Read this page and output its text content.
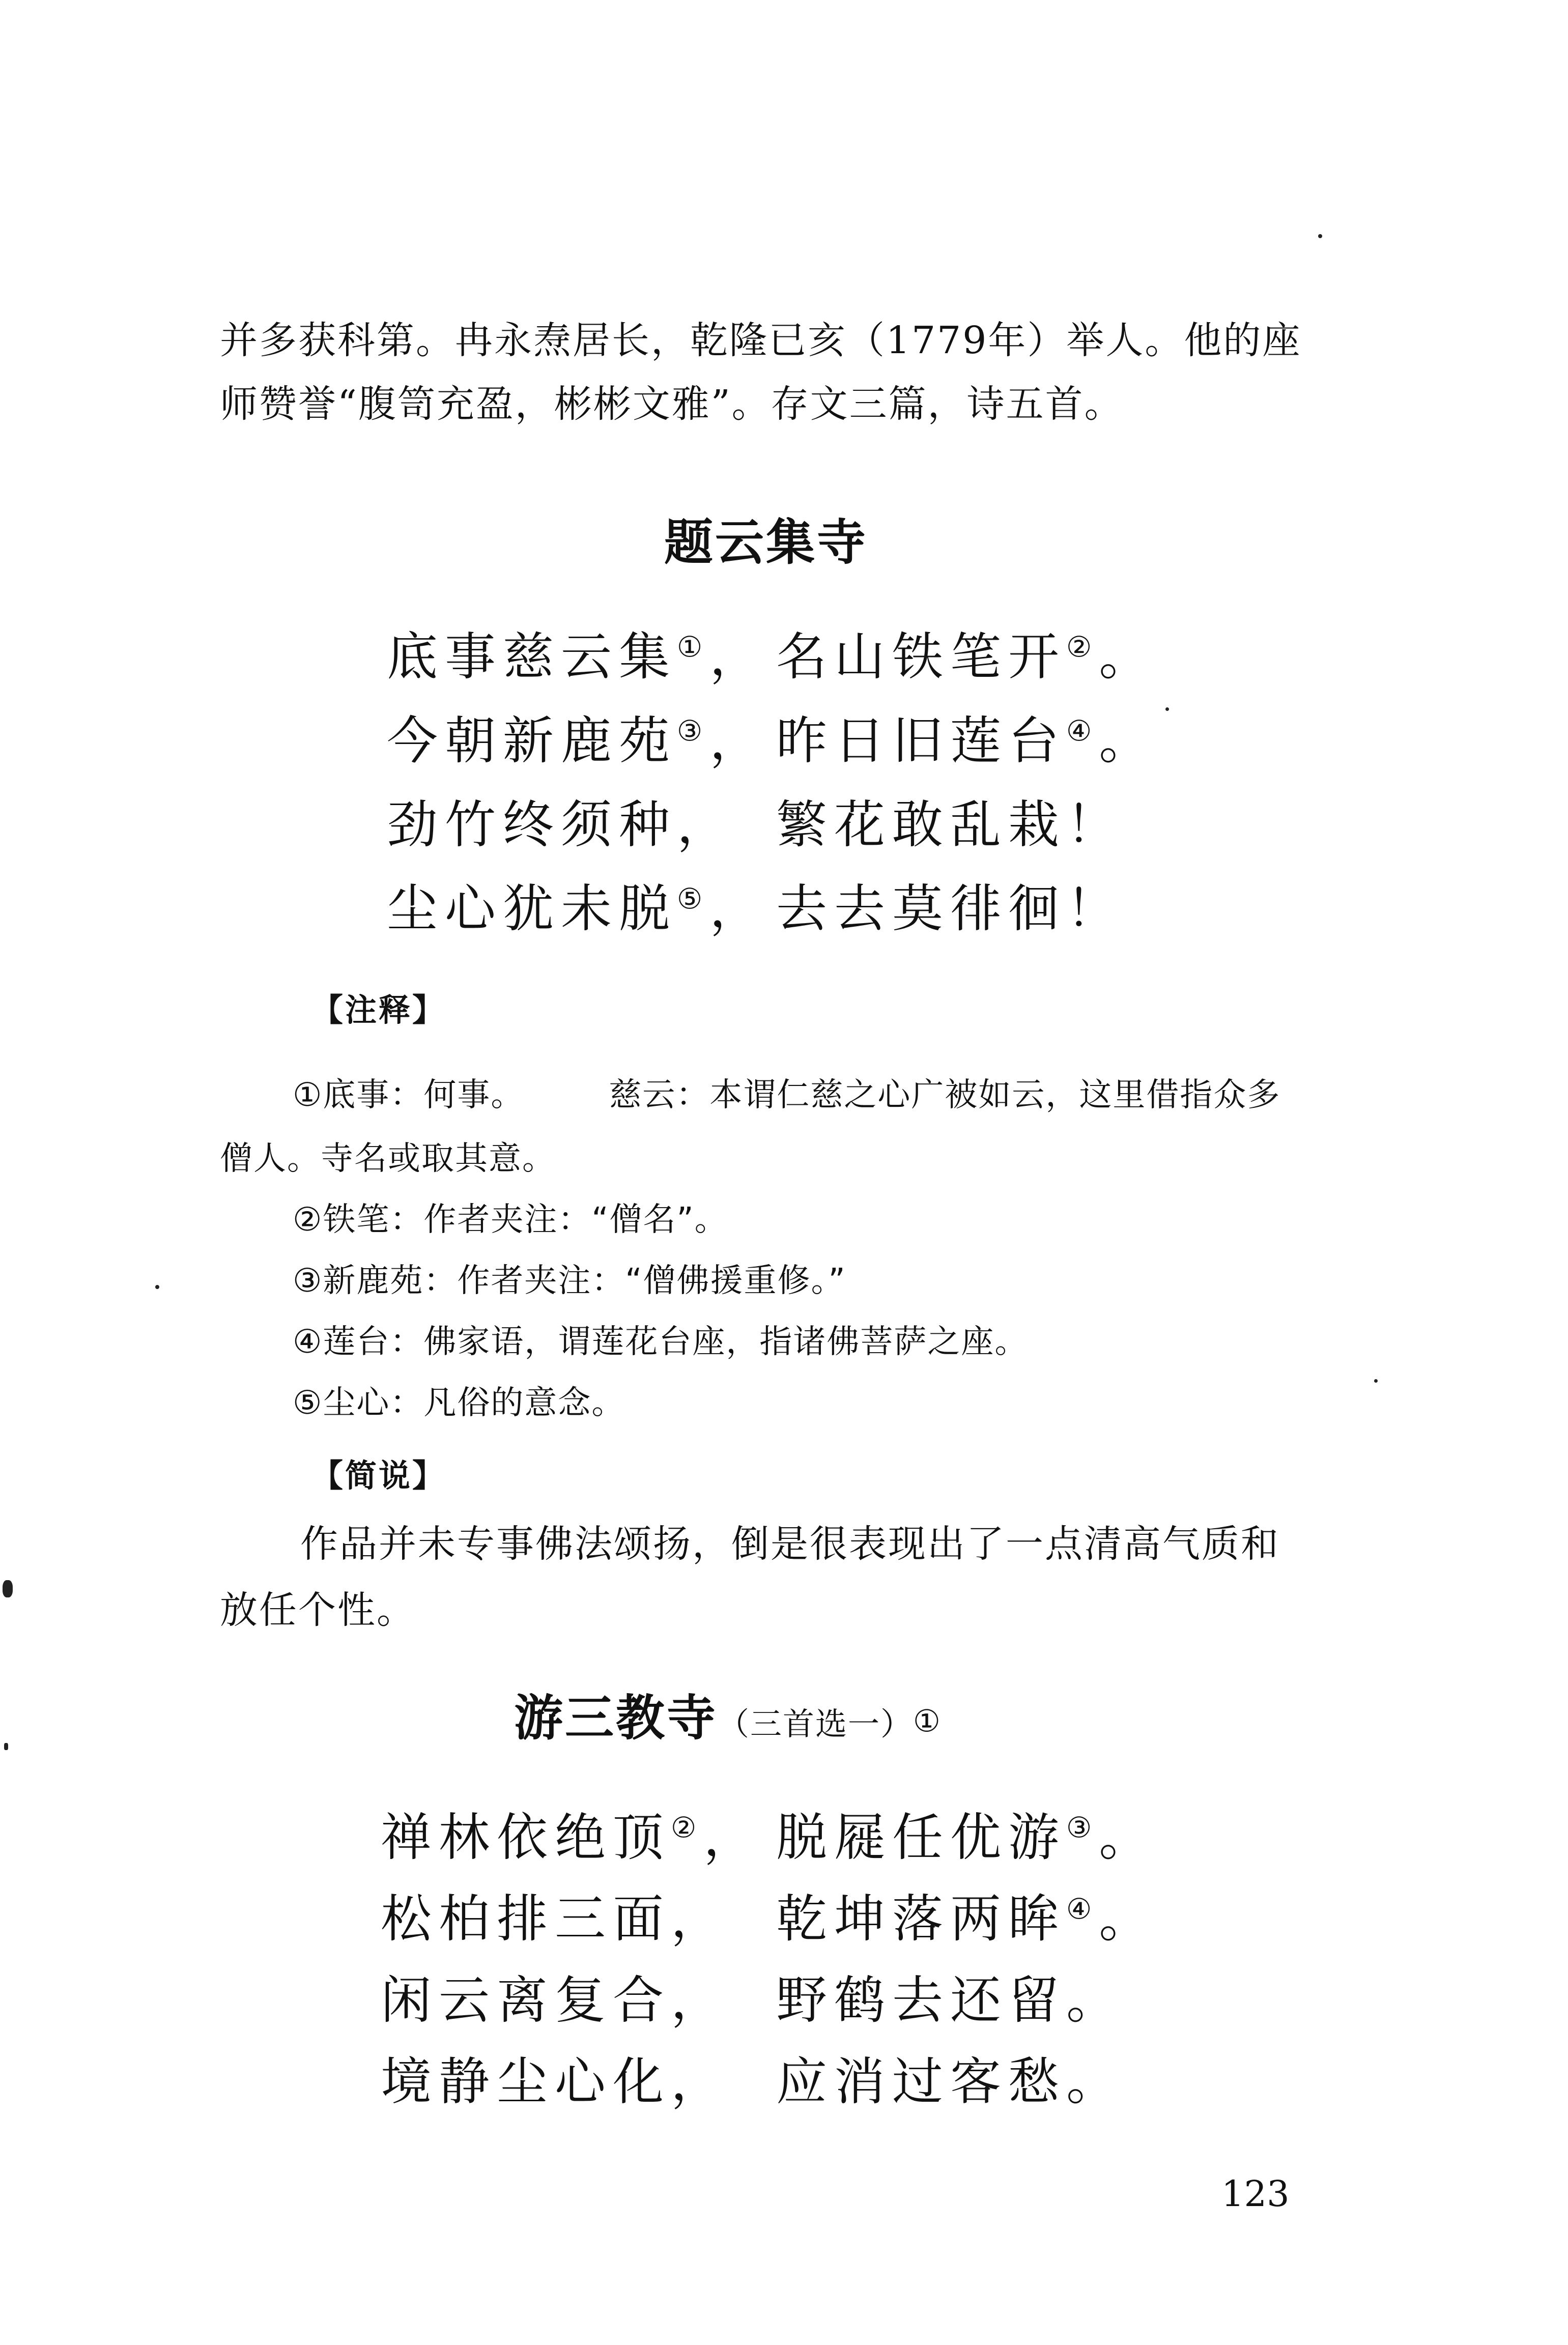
并多获科第。冉永焘居长，乾隆已亥（1779年）举人。他的座
师赞誉“腹笥充盈，彬彬文雅”。存文三篇，诗五首。
题云集寺
底事慈云集①， 名山铁笔开②。
今朝新鹿苑③， 昨日旧莲台④。
劲竹终须种， 繁花敢乱栽！
尘心犹未脱⑤， 去去莫徘徊！
【注释】
①底事：何事。　　　慈云：本谓仁慈之心广被如云，这里借指众多
僧人。寺名或取其意。
②铁笔：作者夹注：“僧名”。
③新鹿苑：作者夹注：“僧佛援重修。”
④莲台：佛家语，谓莲花台座，指诸佛菩萨之座。
⑤尘心：凡俗的意念。
【简说】
作品并未专事佛法颂扬，倒是很表现出了一点清高气质和
放任个性。
游三教寺（三首选一）①
禅林依绝顶②， 脱屣任优游③。
松柏排三面， 乾坤落两眸④。
闲云离复合， 野鹤去还留。
境静尘心化， 应消过客愁。
123
